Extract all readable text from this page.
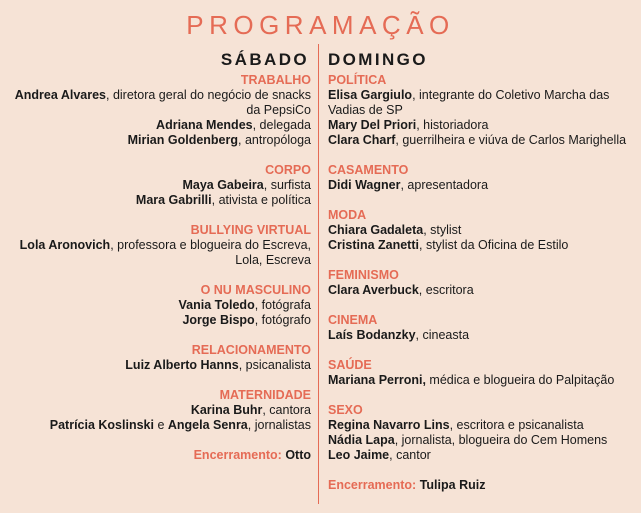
PROGRAMAÇÃO
SÁBADO DOMINGO
TRABALHO
Andrea Alvares, diretora geral do negócio de snacks da PepsiCo
Adriana Mendes, delegada
Mirian Goldenberg, antropóloga
CORPO
Maya Gabeira, surfista
Mara Gabrilli, ativista e política
BULLYING VIRTUAL
Lola Aronovich, professora e blogueira do Escreva, Lola, Escreva
O NU MASCULINO
Vania Toledo, fotógrafa
Jorge Bispo, fotógrafo
RELACIONAMENTO
Luiz Alberto Hanns, psicanalista
MATERNIDADE
Karina Buhr, cantora
Patrícia Koslinski e Angela Senra, jornalistas
Encerramento: Otto
POLÍTICA
Elisa Gargiulo, integrante do Coletivo Marcha das Vadias de SP
Mary Del Priori, historiadora
Clara Charf, guerrilheira e viúva de Carlos Marighella
CASAMENTO
Didi Wagner, apresentadora
MODA
Chiara Gadaleta, stylist
Cristina Zanetti, stylist da Oficina de Estilo
FEMINISMO
Clara Averbuck, escritora
CINEMA
Laís Bodanzky, cineasta
SAÚDE
Mariana Perroni, médica e blogueira do Palpitação
SEXO
Regina Navarro Lins, escritora e psicanalista
Nádia Lapa, jornalista, blogueira do Cem Homens
Leo Jaime, cantor
Encerramento: Tulipa Ruiz
